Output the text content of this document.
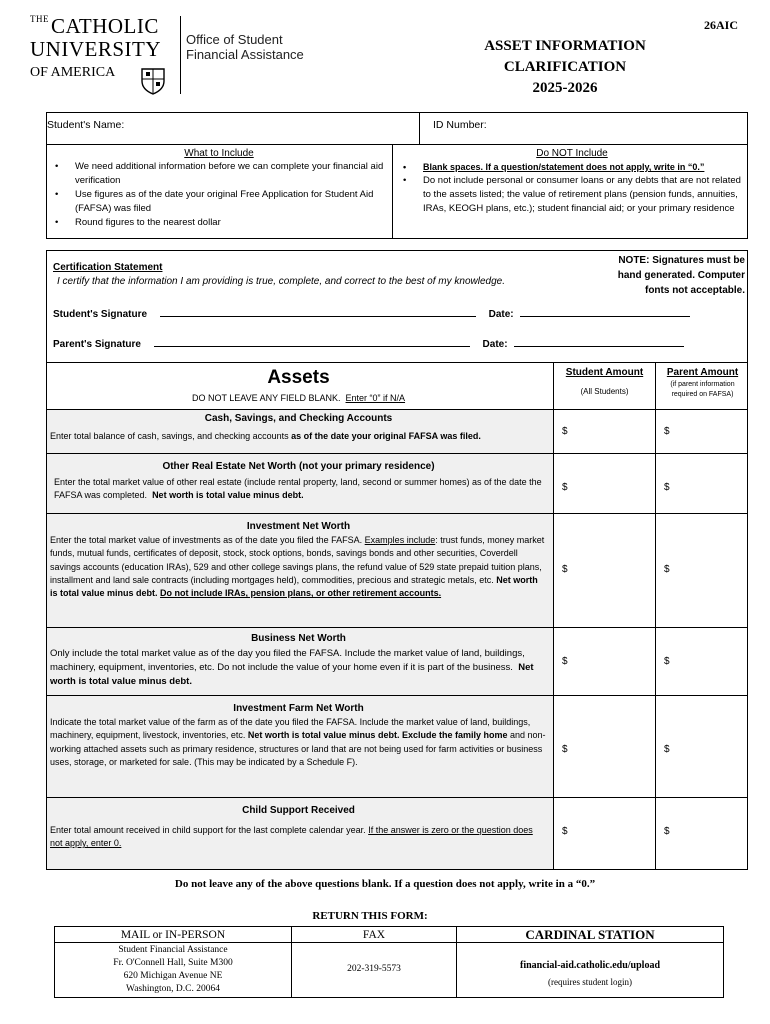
$^{THE}$CATHOLIC
UNIVERSITY
OF AMERICA
Office of Student
Financial Assistance
26AIC
ASSET INFORMATION
CLARIFICATION
2025-2026
Student's Name:	ID Number:
What to Include
• We need additional information before we can complete your financial aid verification
• Use figures as of the date your original Free Application for Student Aid (FAFSA) was filed
• Round figures to the nearest dollar
Do NOT Include
• Blank spaces. If a question/statement does not apply, write in “0.”
• Do not include personal or consumer loans or any debts that are not related to the assets listed; the value of retirement plans (pension funds, annuities, IRAs, KEOGH plans, etc.); student financial aid; or your primary residence
Certification Statement
I certify that the information I am providing is true, complete, and correct to the best of my knowledge.
NOTE: Signatures must be
hand generated. Computer
fonts not acceptable.
Student's Signature	Date:
Parent's Signature	Date:
Assets
DO NOT LEAVE ANY FIELD BLANK. Enter “0” if N/A
Student Amount
(All Students)
Parent Amount
(if parent information
required on FAFSA)
Cash, Savings, and Checking Accounts
Enter total balance of cash, savings, and checking accounts as of the date your original FAFSA was filed.	$	$
Other Real Estate Net Worth (not your primary residence)
Enter the total market value of other real estate (include rental property, land, second or summer homes) as of the date the FAFSA was completed. Net worth is total value minus debt.
$	$
Investment Net Worth
Enter the total market value of investments as of the date you filed the FAFSA. Examples include: trust funds, money market funds, mutual funds, certificates of deposit, stock, stock options, bonds, savings bonds and other securities, Coverdell savings accounts (education IRAs), 529 and other college savings plans, the refund value of 529 state prepaid tuition plans, installment and land sale contracts (including mortgages held), commodities, precious and strategic metals, etc. Net worth is total value minus debt. Do not include IRAs, pension plans, or other retirement accounts.
$	$
Business Net Worth
Only include the total market value as of the day you filed the FAFSA. Include the market value of land, buildings, machinery, equipment, inventories, etc. Do not include the value of your home even if it is part of the business. Net worth is total value minus debt.
$	$
Investment Farm Net Worth
Indicate the total market value of the farm as of the date you filed the FAFSA. Include the market value of land, buildings, machinery, equipment, livestock, inventories, etc. Net worth is total value minus debt. Exclude the family home and non-working attached assets such as primary residence, structures or land that are not being used for farm activities or business uses, storage, or marketed for sale. (This may be indicated by a Schedule F).
$	$
Child Support Received
Enter total amount received in child support for the last complete calendar year. If the answer is zero or the question does not apply, enter 0.
$	$
Do not leave any of the above questions blank. If a question does not apply, write in a “0.”
RETURN THIS FORM:
MAIL or IN-PERSON	FAX	CARDINAL STATION
Student Financial Assistance
Fr. O'Connell Hall, Suite M300
620 Michigan Avenue NE
Washington, D.C. 20064
202-319-5573	financial-aid.catholic.edu/upload
(requires student login)
